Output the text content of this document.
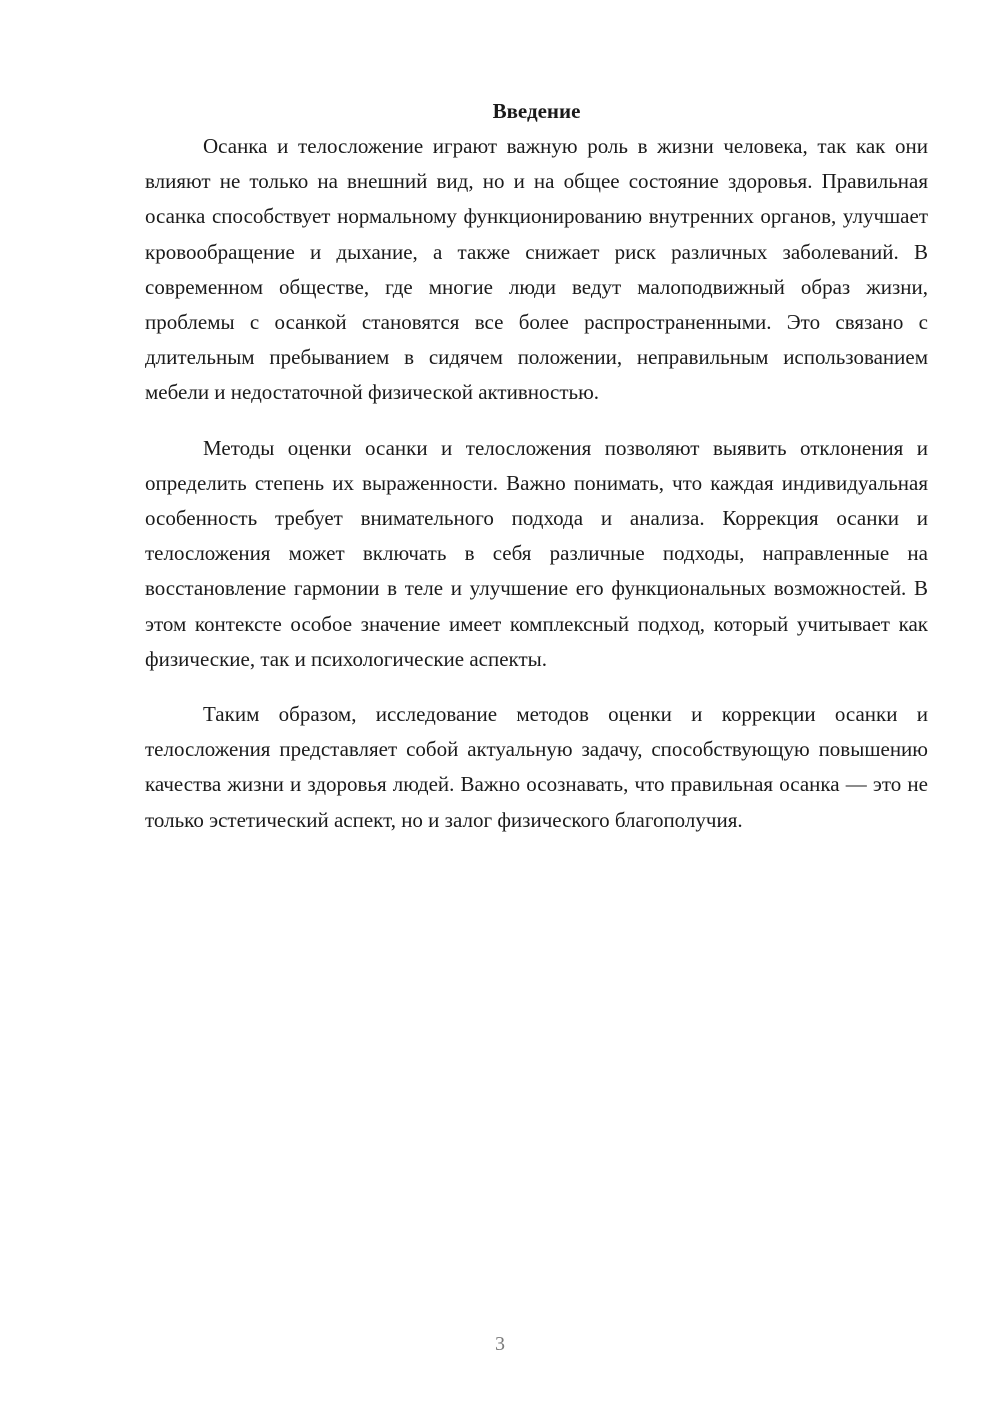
Введение

Осанка и телосложение играют важную роль в жизни человека, так как они влияют не только на внешний вид, но и на общее состояние здоровья. Правильная осанка способствует нормальному функционированию внутренних органов, улучшает кровообращение и дыхание, а также снижает риск различных заболеваний. В современном обществе, где многие люди ведут малоподвижный образ жизни, проблемы с осанкой становятся все более распространенными. Это связано с длительным пребыванием в сидячем положении, неправильным использованием мебели и недостаточной физической активностью.

Методы оценки осанки и телосложения позволяют выявить отклонения и определить степень их выраженности. Важно понимать, что каждая индивидуальная особенность требует внимательного подхода и анализа. Коррекция осанки и телосложения может включать в себя различные подходы, направленные на восстановление гармонии в теле и улучшение его функциональных возможностей. В этом контексте особое значение имеет комплексный подход, который учитывает как физические, так и психологические аспекты.

Таким образом, исследование методов оценки и коррекции осанки и телосложения представляет собой актуальную задачу, способствующую повышению качества жизни и здоровья людей. Важно осознавать, что правильная осанка — это не только эстетический аспект, но и залог физического благополучия.

3
